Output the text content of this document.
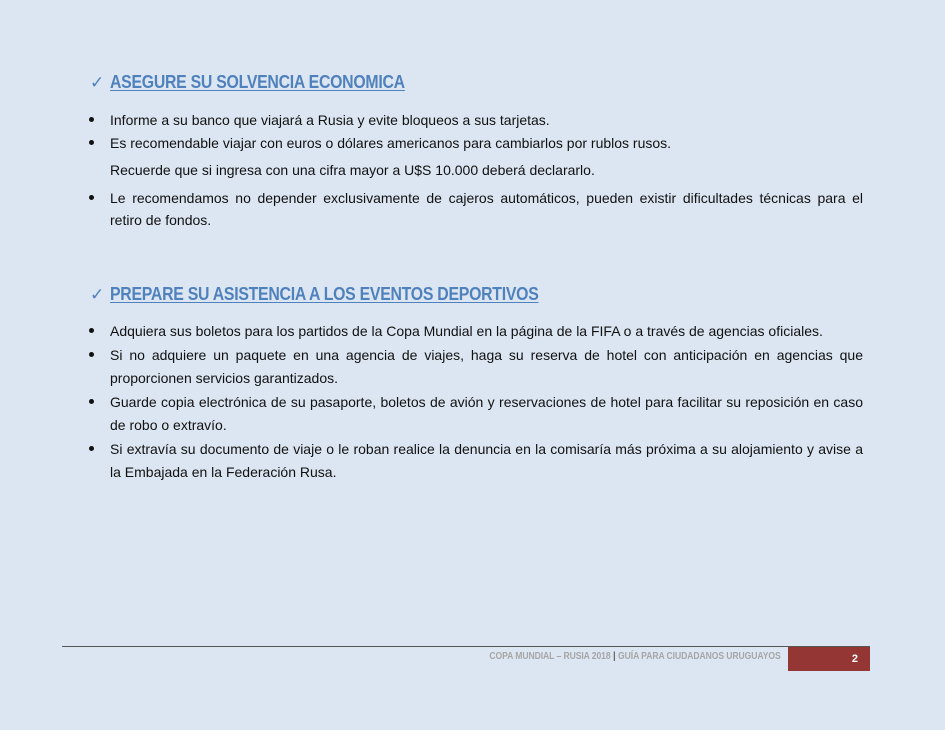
✓ ASEGURE SU SOLVENCIA ECONOMICA
Informe a su banco que viajará a Rusia y evite bloqueos a sus tarjetas.
Es recomendable viajar con euros o dólares americanos para cambiarlos por rublos rusos.
Recuerde que si ingresa con una cifra mayor a U$S 10.000 deberá declararlo.
Le recomendamos no depender exclusivamente de cajeros automáticos, pueden existir dificultades técnicas para el retiro de fondos.
✓ PREPARE SU ASISTENCIA A LOS EVENTOS DEPORTIVOS
Adquiera sus boletos para los partidos de la Copa Mundial en la página de la FIFA o a través de agencias oficiales.
Si no adquiere un paquete en una agencia de viajes, haga su reserva de hotel con anticipación en agencias que proporcionen servicios garantizados.
Guarde copia electrónica de su pasaporte, boletos de avión y reservaciones de hotel para facilitar su reposición en caso de robo o extravío.
Si extravía su documento de viaje o le roban realice la denuncia en la comisaría más próxima a su alojamiento y avise a la Embajada en la Federación Rusa.
COPA MUNDIAL – RUSIA 2018 | GUÍA PARA CIUDADANOS URUGUAYOS	2
